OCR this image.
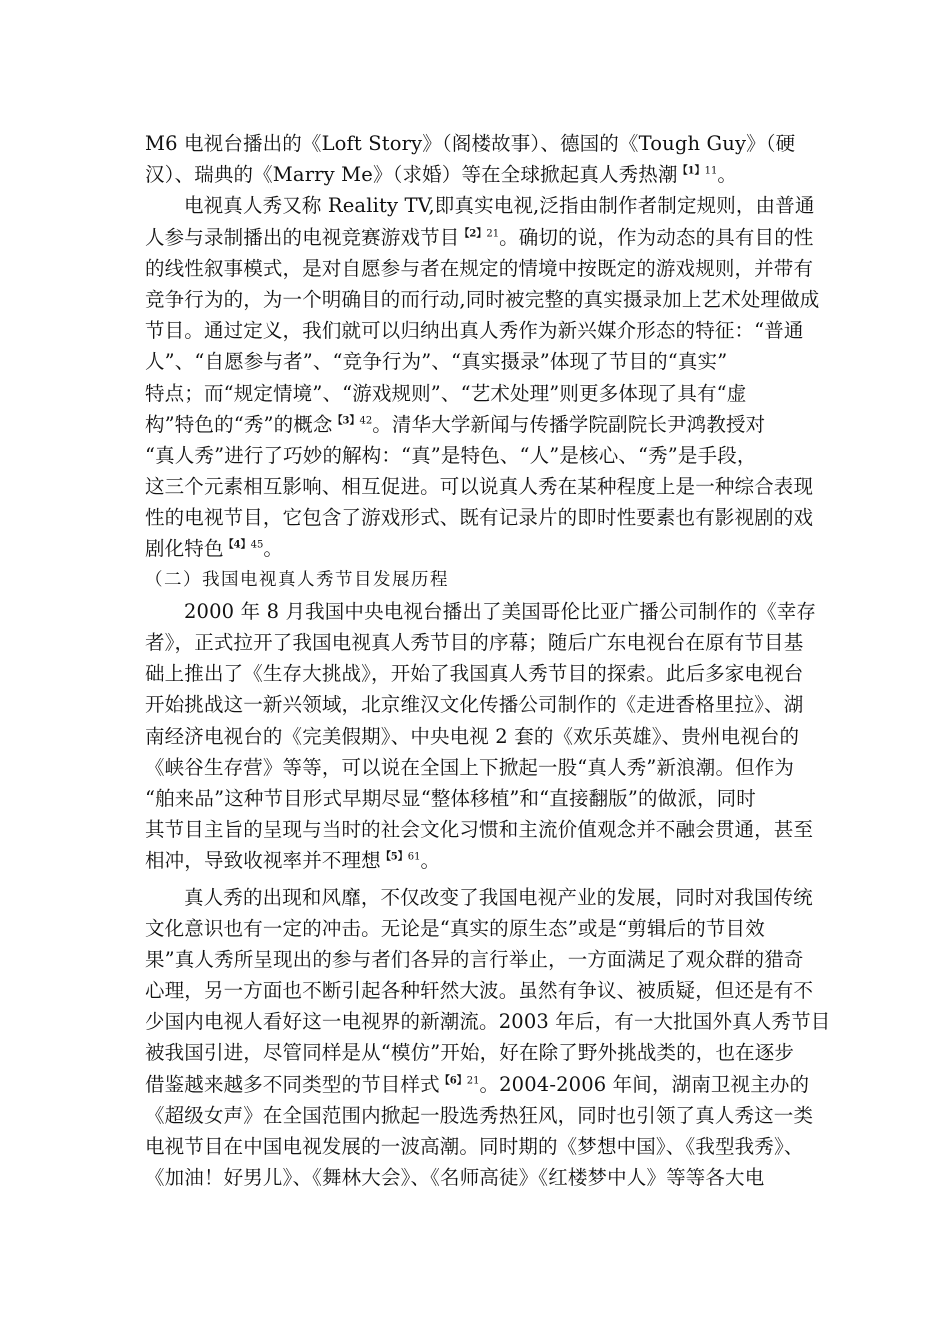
M6 电视台播出的《Loft Story》（阁楼故事）、德国的《Tough Guy》（硬
汉）、瑞典的《Marry Me》（求婚）等在全球掀起真人秀热潮$^{【1】11}$。
电视真人秀又称 Reality TV,即真实电视,泛指由制作者制定规则，由普通
人参与录制播出的电视竞赛游戏节目$^{【2】21}$。确切的说，作为动态的具有目的性
的线性叙事模式，是对自愿参与者在规定的情境中按既定的游戏规则，并带有
竞争行为的，为一个明确目的而行动,同时被完整的真实摄录加上艺术处理做成
节目。通过定义，我们就可以归纳出真人秀作为新兴媒介形态的特征：“普通
人”、“自愿参与者”、“竞争行为”、“真实摄录”体现了节目的“真实”
特点；而“规定情境”、“游戏规则”、“艺术处理”则更多体现了具有“虚
构”特色的“秀”的概念$^{【3】42}$。清华大学新闻与传播学院副院长尹鸿教授对
“真人秀”进行了巧妙的解构：“真”是特色、“人”是核心、“秀”是手段，
这三个元素相互影响、相互促进。可以说真人秀在某种程度上是一种综合表现
性的电视节目，它包含了游戏形式、既有记录片的即时性要素也有影视剧的戏
剧化特色$^{【4】45}$。
（二）我国电视真人秀节目发展历程
2000 年 8 月我国中央电视台播出了美国哥伦比亚广播公司制作的《幸存
者》，正式拉开了我国电视真人秀节目的序幕；随后广东电视台在原有节目基
础上推出了《生存大挑战》，开始了我国真人秀节目的探索。此后多家电视台
开始挑战这一新兴领域，北京维汉文化传播公司制作的《走进香格里拉》、湖
南经济电视台的《完美假期》、中央电视 2 套的《欢乐英雄》、贵州电视台的
《峡谷生存营》等等，可以说在全国上下掀起一股“真人秀”新浪潮。但作为
“舶来品”这种节目形式早期尽显“整体移植”和“直接翻版”的做派，同时
其节目主旨的呈现与当时的社会文化习惯和主流价值观念并不融会贯通，甚至
相冲，导致收视率并不理想$^{【5】61}$。
真人秀的出现和风靡，不仅改变了我国电视产业的发展，同时对我国传统
文化意识也有一定的冲击。无论是“真实的原生态”或是“剪辑后的节目效
果”真人秀所呈现出的参与者们各异的言行举止，一方面满足了观众群的猎奇
心理，另一方面也不断引起各种轩然大波。虽然有争议、被质疑，但还是有不
少国内电视人看好这一电视界的新潮流。2003 年后，有一大批国外真人秀节目
被我国引进，尽管同样是从“模仿”开始，好在除了野外挑战类的，也在逐步
借鉴越来越多不同类型的节目样式$^{【6】21}$。2004-2006 年间，湖南卫视主办的
《超级女声》在全国范围内掀起一股选秀热狂风，同时也引领了真人秀这一类
电视节目在中国电视发展的一波高潮。同时期的《梦想中国》、《我型我秀》、
《加油！好男儿》、《舞林大会》、《名师高徒》《红楼梦中人》等等各大电
